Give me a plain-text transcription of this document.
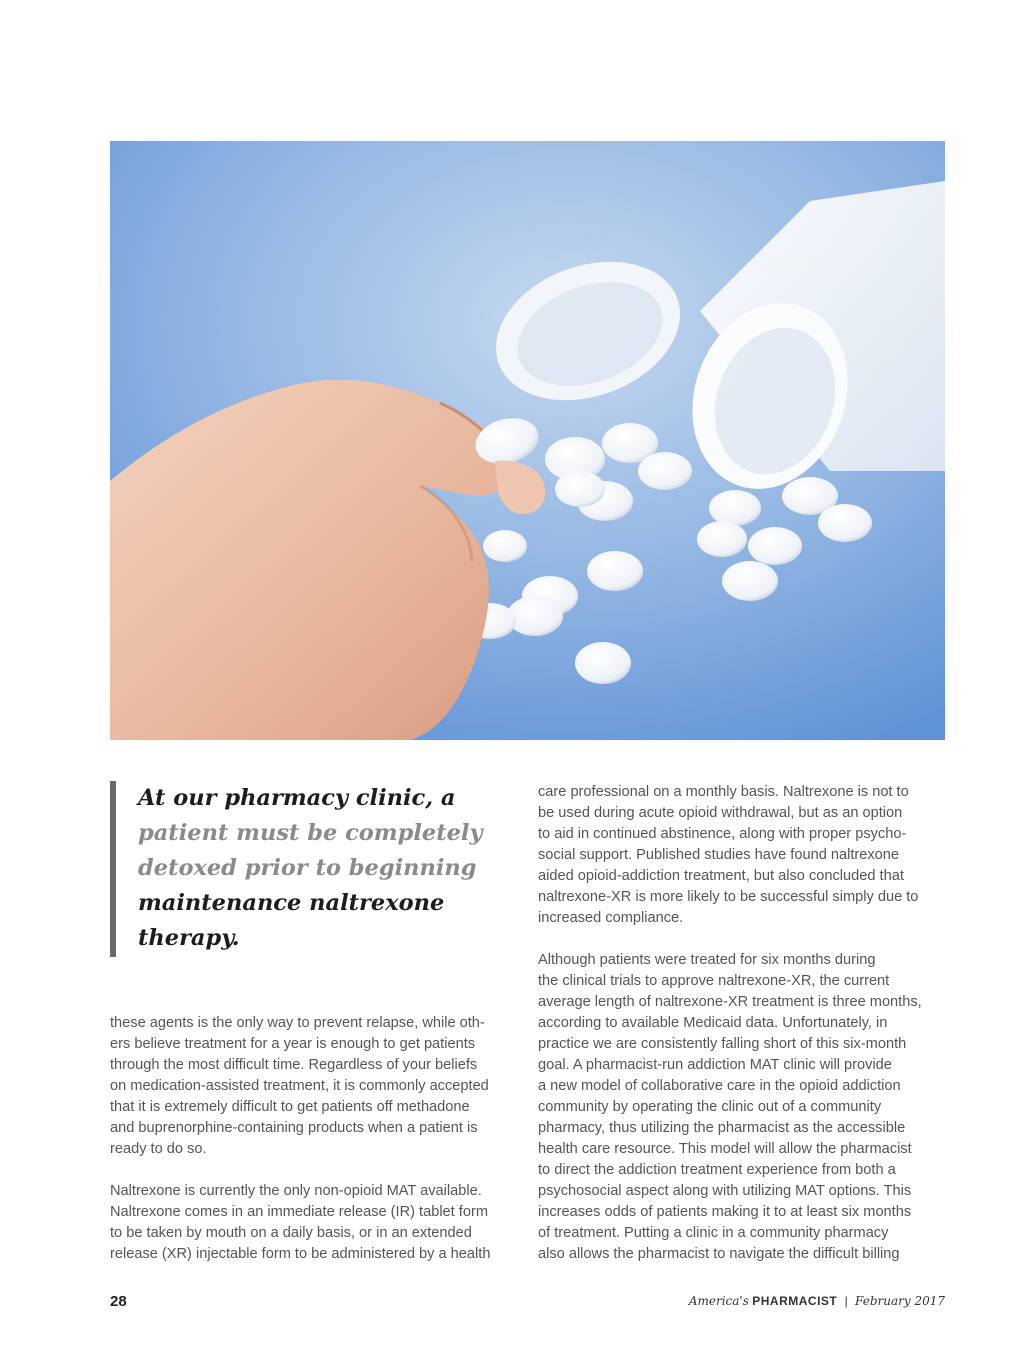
At our pharmacy clinic, a
patient must be completely
detoxed prior to beginning
maintenance naltrexone
therapy.

these agents is the only way to prevent relapse, while oth-
ers believe treatment for a year is enough to get patients
through the most difficult time. Regardless of your beliefs
on medication-assisted treatment, it is commonly accepted
that it is extremely difficult to get patients off methadone
and buprenorphine-containing products when a patient is
ready to do so.

Naltrexone is currently the only non-opioid MAT available.
Naltrexone comes in an immediate release (IR) tablet form
to be taken by mouth on a daily basis, or in an extended
release (XR) injectable form to be administered by a health

care professional on a monthly basis. Naltrexone is not to
be used during acute opioid withdrawal, but as an option
to aid in continued abstinence, along with proper psycho-
social support. Published studies have found naltrexone
aided opioid-addiction treatment, but also concluded that
naltrexone-XR is more likely to be successful simply due to
increased compliance.

Although patients were treated for six months during
the clinical trials to approve naltrexone-XR, the current
average length of naltrexone-XR treatment is three months,
according to available Medicaid data. Unfortunately, in
practice we are consistently falling short of this six-month
goal. A pharmacist-run addiction MAT clinic will provide
a new model of collaborative care in the opioid addiction
community by operating the clinic out of a community
pharmacy, thus utilizing the pharmacist as the accessible
health care resource. This model will allow the pharmacist
to direct the addiction treatment experience from both a
psychosocial aspect along with utilizing MAT options. This
increases odds of patients making it to at least six months
of treatment. Putting a clinic in a community pharmacy
also allows the pharmacist to navigate the difficult billing

28	America's PHARMACIST | February 2017
